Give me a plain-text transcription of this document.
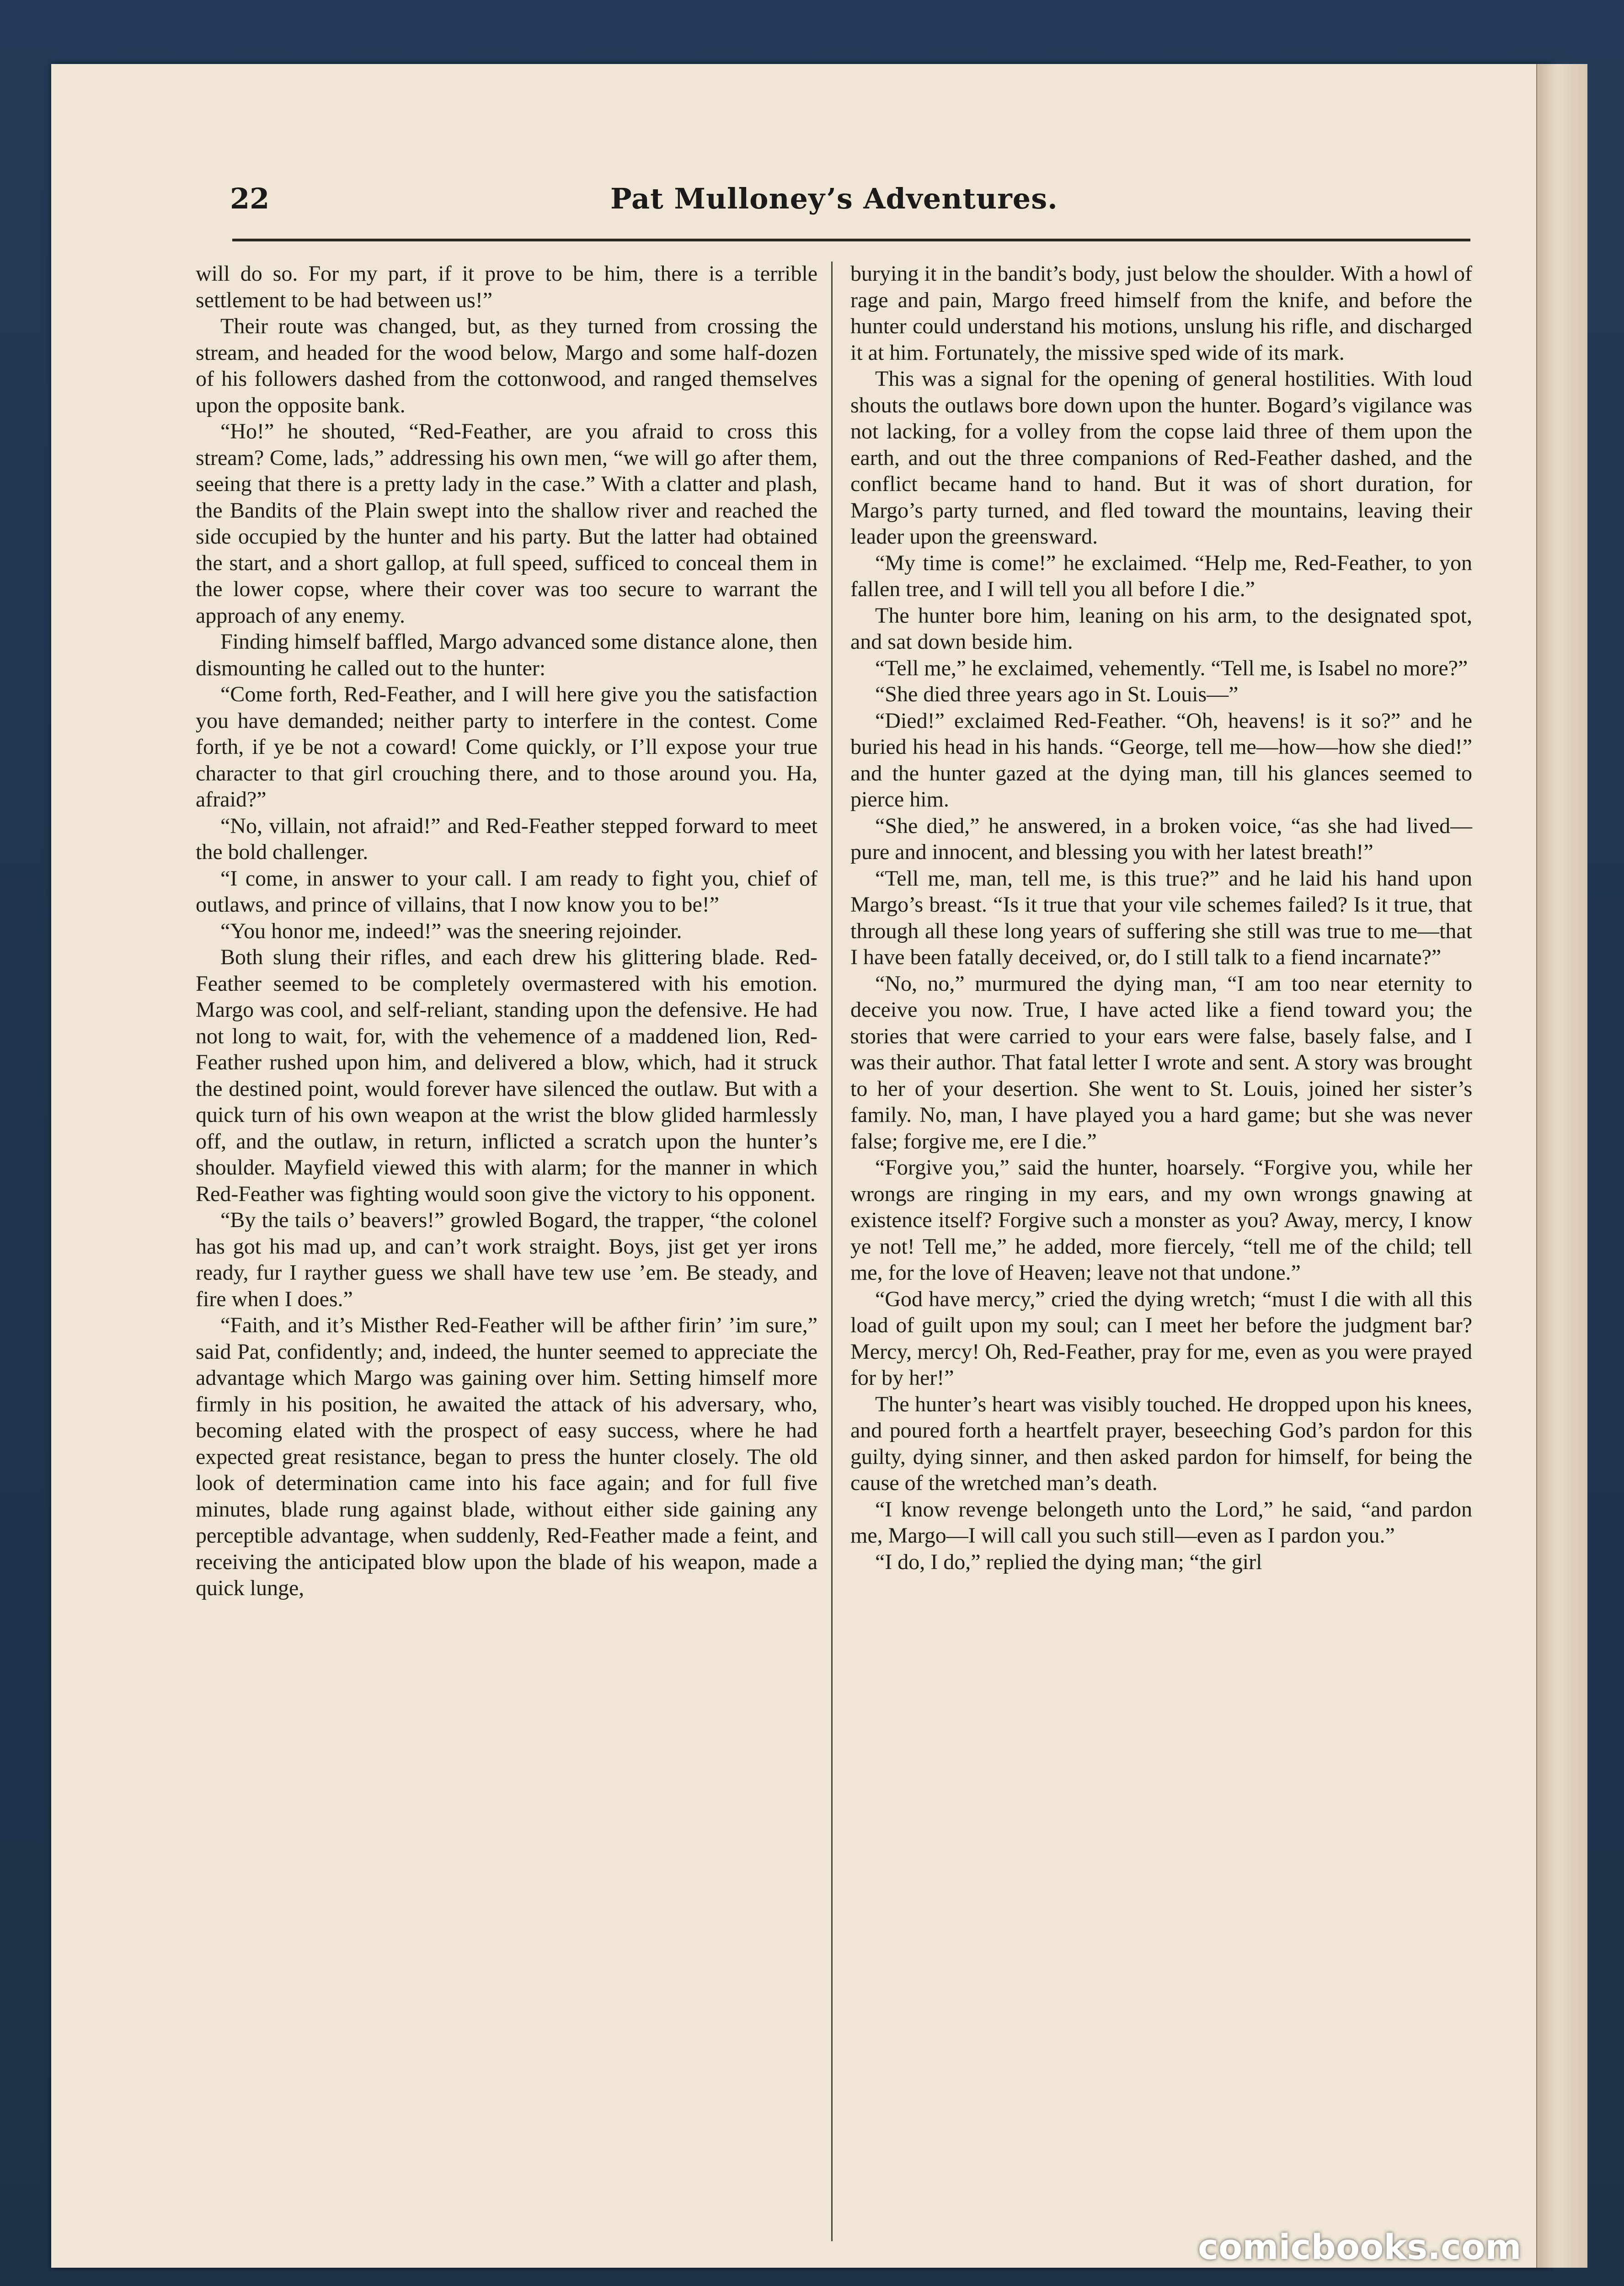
22	Pat Mulloney’s Adventures.

will do so. For my part, if it prove to be him, there is a terrible settlement to be had between us!”

Their route was changed, but, as they turned from crossing the stream, and headed for the wood below, Margo and some half-dozen of his followers dashed from the cottonwood, and ranged themselves upon the opposite bank.

“Ho!” he shouted, “Red-Feather, are you afraid to cross this stream? Come, lads,” addressing his own men, “we will go after them, seeing that there is a pretty lady in the case.” With a clatter and plash, the Bandits of the Plain swept into the shallow river and reached the side occupied by the hunter and his party. But the latter had obtained the start, and a short gallop, at full speed, sufficed to conceal them in the lower copse, where their cover was too secure to warrant the approach of any enemy.

Finding himself baffled, Margo advanced some distance alone, then dismounting he called out to the hunter:

“Come forth, Red-Feather, and I will here give you the satisfaction you have demanded; neither party to interfere in the contest. Come forth, if ye be not a coward! Come quickly, or I’ll expose your true character to that girl crouching there, and to those around you. Ha, afraid?”

“No, villain, not afraid!” and Red-Feather stepped forward to meet the bold challenger.

“I come, in answer to your call. I am ready to fight you, chief of outlaws, and prince of villains, that I now know you to be!”

“You honor me, indeed!” was the sneering rejoinder.

Both slung their rifles, and each drew his glittering blade. Red-Feather seemed to be completely overmastered with his emotion. Margo was cool, and self-reliant, standing upon the defensive. He had not long to wait, for, with the vehemence of a maddened lion, Red-Feather rushed upon him, and delivered a blow, which, had it struck the destined point, would forever have silenced the outlaw. But with a quick turn of his own weapon at the wrist the blow glided harmlessly off, and the outlaw, in return, inflicted a scratch upon the hunter’s shoulder. Mayfield viewed this with alarm; for the manner in which Red-Feather was fighting would soon give the victory to his opponent.

“By the tails o’ beavers!” growled Bogard, the trapper, “the colonel has got his mad up, and can’t work straight. Boys, jist get yer irons ready, fur I rayther guess we shall have tew use ’em. Be steady, and fire when I does.”

“Faith, and it’s Misther Red-Feather will be afther firin’ ’im sure,” said Pat, confidently; and, indeed, the hunter seemed to appreciate the advantage which Margo was gaining over him. Setting himself more firmly in his position, he awaited the attack of his adversary, who, becoming elated with the prospect of easy success, where he had expected great resistance, began to press the hunter closely. The old look of determination came into his face again; and for full five minutes, blade rung against blade, without either side gaining any perceptible advantage, when suddenly, Red-Feather made a feint, and receiving the anticipated blow upon the blade of his weapon, made a quick lunge,

burying it in the bandit’s body, just below the shoulder. With a howl of rage and pain, Margo freed himself from the knife, and before the hunter could understand his motions, unslung his rifle, and discharged it at him. Fortunately, the missive sped wide of its mark.

This was a signal for the opening of general hostilities. With loud shouts the outlaws bore down upon the hunter. Bogard’s vigilance was not lacking, for a volley from the copse laid three of them upon the earth, and out the three companions of Red-Feather dashed, and the conflict became hand to hand. But it was of short duration, for Margo’s party turned, and fled toward the mountains, leaving their leader upon the greensward.

“My time is come!” he exclaimed. “Help me, Red-Feather, to yon fallen tree, and I will tell you all before I die.”

The hunter bore him, leaning on his arm, to the designated spot, and sat down beside him.

“Tell me,” he exclaimed, vehemently. “Tell me, is Isabel no more?”

“She died three years ago in St. Louis—”

“Died!” exclaimed Red-Feather. “Oh, heavens! is it so?” and he buried his head in his hands. “George, tell me—how—how she died!” and the hunter gazed at the dying man, till his glances seemed to pierce him.

“She died,” he answered, in a broken voice, “as she had lived—pure and innocent, and blessing you with her latest breath!”

“Tell me, man, tell me, is this true?” and he laid his hand upon Margo’s breast. “Is it true that your vile schemes failed? Is it true, that through all these long years of suffering she still was true to me—that I have been fatally deceived, or, do I still talk to a fiend incarnate?”

“No, no,” murmured the dying man, “I am too near eternity to deceive you now. True, I have acted like a fiend toward you; the stories that were carried to your ears were false, basely false, and I was their author. That fatal letter I wrote and sent. A story was brought to her of your desertion. She went to St. Louis, joined her sister’s family. No, man, I have played you a hard game; but she was never false; forgive me, ere I die.”

“Forgive you,” said the hunter, hoarsely. “Forgive you, while her wrongs are ringing in my ears, and my own wrongs gnawing at existence itself? Forgive such a monster as you? Away, mercy, I know ye not! Tell me,” he added, more fiercely, “tell me of the child; tell me, for the love of Heaven; leave not that undone.”

“God have mercy,” cried the dying wretch; “must I die with all this load of guilt upon my soul; can I meet her before the judgment bar? Mercy, mercy! Oh, Red-Feather, pray for me, even as you were prayed for by her!”

The hunter’s heart was visibly touched. He dropped upon his knees, and poured forth a heartfelt prayer, beseeching God’s pardon for this guilty, dying sinner, and then asked pardon for himself, for being the cause of the wretched man’s death.

“I know revenge belongeth unto the Lord,” he said, “and pardon me, Margo—I will call you such still—even as I pardon you.”

“I do, I do,” replied the dying man; “the girl

comicbooks.com
